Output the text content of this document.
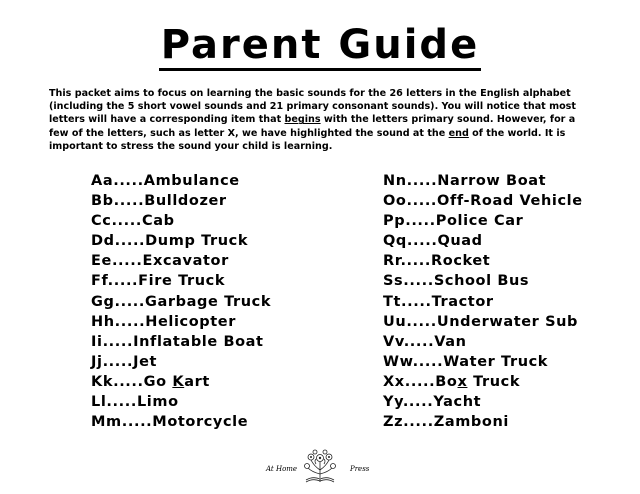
Parent Guide
This packet aims to focus on learning the basic sounds for the 26 letters in the English alphabet (including the 5 short vowel sounds and 21 primary consonant sounds). You will notice that most letters will have a corresponding item that begins with the letters primary sound. However, for a few of the letters, such as letter X, we have highlighted the sound at the end of the world. It is important to stress the sound your child is learning.
Aa.....Ambulance
Bb.....Bulldozer
Cc.....Cab
Dd.....Dump Truck
Ee.....Excavator
Ff.....Fire Truck
Gg.....Garbage Truck
Hh.....Helicopter
Ii.....Inflatable Boat
Jj.....Jet
Kk.....Go Kart
Ll.....Limo
Mm.....Motorcycle
Nn.....Narrow Boat
Oo.....Off-Road Vehicle
Pp.....Police Car
Qq.....Quad
Rr.....Rocket
Ss.....School Bus
Tt.....Tractor
Uu.....Underwater Sub
Vv.....Van
Ww.....Water Truck
Xx.....Box Truck
Yy.....Yacht
Zz.....Zamboni
At Home	Press
